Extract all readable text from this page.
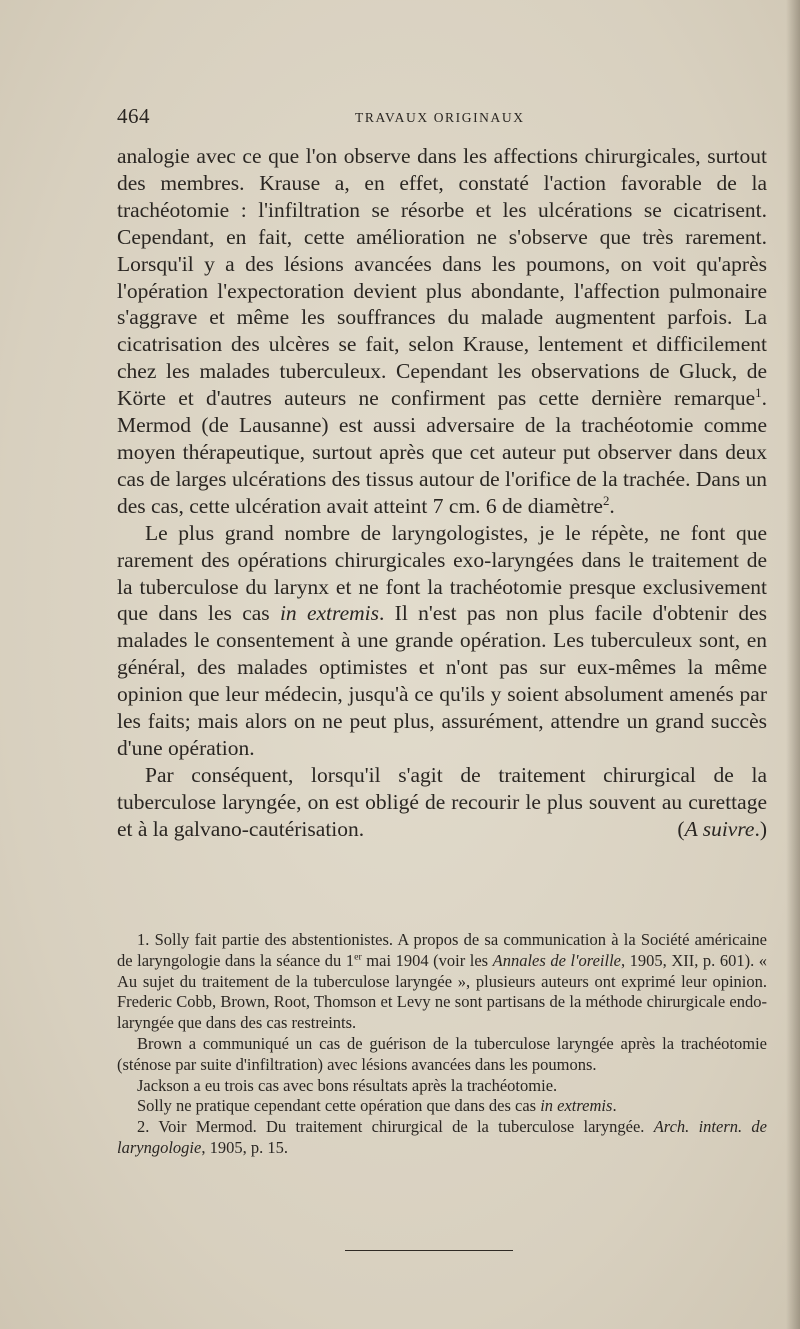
464	TRAVAUX ORIGINAUX

analogie avec ce que l'on observe dans les affections chirurgicales, surtout des membres. Krause a, en effet, constaté l'action favorable de la trachéotomie : l'infiltration se résorbe et les ulcérations se cicatrisent. Cependant, en fait, cette amélioration ne s'observe que très rarement. Lorsqu'il y a des lésions avancées dans les poumons, on voit qu'après l'opération l'expectoration devient plus abondante, l'affection pulmonaire s'aggrave et même les souffrances du malade augmentent parfois. La cicatrisation des ulcères se fait, selon Krause, lentement et difficilement chez les malades tuberculeux. Cependant les observations de Gluck, de Körte et d'autres auteurs ne confirment pas cette dernière remarque$^1$. Mermod (de Lausanne) est aussi adversaire de la trachéotomie comme moyen thérapeutique, surtout après que cet auteur put observer dans deux cas de larges ulcérations des tissus autour de l'orifice de la trachée. Dans un des cas, cette ulcération avait atteint 7 cm. 6 de diamètre$^2$.

Le plus grand nombre de laryngologistes, je le répète, ne font que rarement des opérations chirurgicales exo-laryngées dans le traitement de la tuberculose du larynx et ne font la trachéotomie presque exclusivement que dans les cas in extremis. Il n'est pas non plus facile d'obtenir des malades le consentement à une grande opération. Les tuberculeux sont, en général, des malades optimistes et n'ont pas sur eux-mêmes la même opinion que leur médecin, jusqu'à ce qu'ils y soient absolument amenés par les faits; mais alors on ne peut plus, assurément, attendre un grand succès d'une opération.

Par conséquent, lorsqu'il s'agit de traitement chirurgical de la tuberculose laryngée, on est obligé de recourir le plus souvent au curettage et à la galvano-cautérisation.	(A suivre.)

1. Solly fait partie des abstentionistes. A propos de sa communication à la Société américaine de laryngologie dans la séance du 1er mai 1904 (voir les Annales de l'oreille, 1905, XII, p. 601). « Au sujet du traitement de la tuberculose laryngée », plusieurs auteurs ont exprimé leur opinion. Frederic Cobb, Brown, Root, Thomson et Levy ne sont partisans de la méthode chirurgicale endo-laryngée que dans des cas restreints.

Brown a communiqué un cas de guérison de la tuberculose laryngée après la trachéotomie (sténose par suite d'infiltration) avec lésions avancées dans les poumons.

Jackson a eu trois cas avec bons résultats après la trachéotomie.

Solly ne pratique cependant cette opération que dans des cas in extremis.

2. Voir Mermod. Du traitement chirurgical de la tuberculose laryngée. Arch. intern. de laryngologie, 1905, p. 15.
